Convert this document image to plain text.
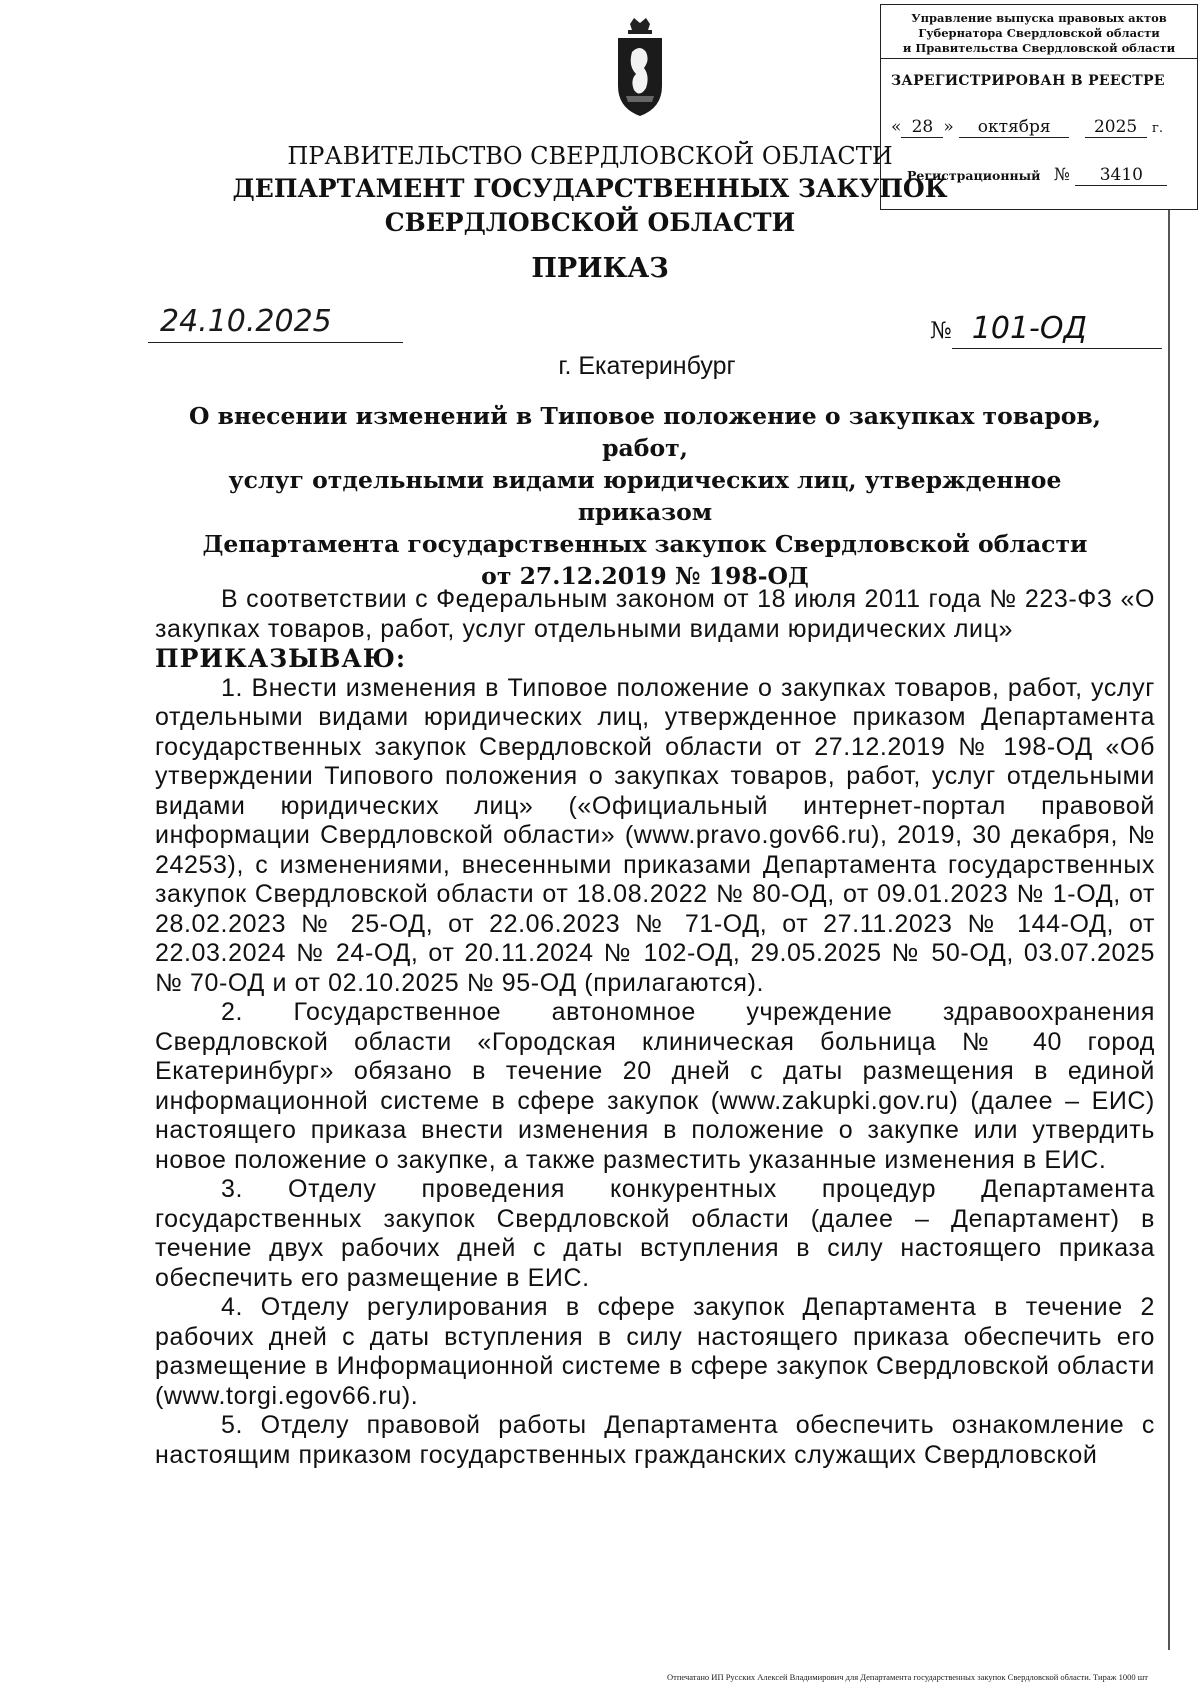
Управление выпуска правовых актов
Губернатора Свердловской области
и Правительства Свердловской области
ЗАРЕГИСТРИРОВАН В РЕЕСТРЕ
« 28 » октября	2025 г.
Регистрационный № 3410
ПРАВИТЕЛЬСТВО СВЕРДЛОВСКОЙ ОБЛАСТИ
ДЕПАРТАМЕНТ ГОСУДАРСТВЕННЫХ ЗАКУПОК
СВЕРДЛОВСКОЙ ОБЛАСТИ
ПРИКАЗ
24.10.2025	№ 101-ОД
г. Екатеринбург
О внесении изменений в Типовое положение о закупках товаров, работ,
услуг отдельными видами юридических лиц, утвержденное приказом
Департамента государственных закупок Свердловской области
от 27.12.2019 № 198-ОД

В соответствии с Федеральным законом от 18 июля 2011 года № 223-ФЗ «О закупках товаров, работ, услуг отдельными видами юридических лиц»

ПРИКАЗЫВАЮ:

1. Внести изменения в Типовое положение о закупках товаров, работ, услуг отдельными видами юридических лиц, утвержденное приказом Департамента государственных закупок Свердловской области от 27.12.2019 № 198-ОД «Об утверждении Типового положения о закупках товаров, работ, услуг отдельными видами юридических лиц» («Официальный интернет-портал правовой информации Свердловской области» (www.pravo.gov66.ru), 2019, 30 декабря, № 24253), с изменениями, внесенными приказами Департамента государственных закупок Свердловской области от 18.08.2022 № 80-ОД, от 09.01.2023 № 1-ОД, от 28.02.2023 № 25-ОД, от 22.06.2023 № 71-ОД, от 27.11.2023 № 144-ОД, от 22.03.2024 № 24-ОД, от 20.11.2024 № 102-ОД, 29.05.2025 № 50-ОД, 03.07.2025 № 70-ОД и от 02.10.2025 № 95-ОД (прилагаются).

2. Государственное автономное учреждение здравоохранения Свердловской области «Городская клиническая больница № 40 город Екатеринбург» обязано в течение 20 дней с даты размещения в единой информационной системе в сфере закупок (www.zakupki.gov.ru) (далее – ЕИС) настоящего приказа внести изменения в положение о закупке или утвердить новое положение о закупке, а также разместить указанные изменения в ЕИС.

3. Отделу проведения конкурентных процедур Департамента государственных закупок Свердловской области (далее – Департамент) в течение двух рабочих дней с даты вступления в силу настоящего приказа обеспечить его размещение в ЕИС.

4. Отделу регулирования в сфере закупок Департамента в течение 2 рабочих дней с даты вступления в силу настоящего приказа обеспечить его размещение в Информационной системе в сфере закупок Свердловской области (www.torgi.egov66.ru).

5. Отделу правовой работы Департамента обеспечить ознакомление с настоящим приказом государственных гражданских служащих Свердловской

Отпечатано ИП Русских Алексей Владимирович для Департамента государственных закупок Свердловской области. Тираж 1000 шт
